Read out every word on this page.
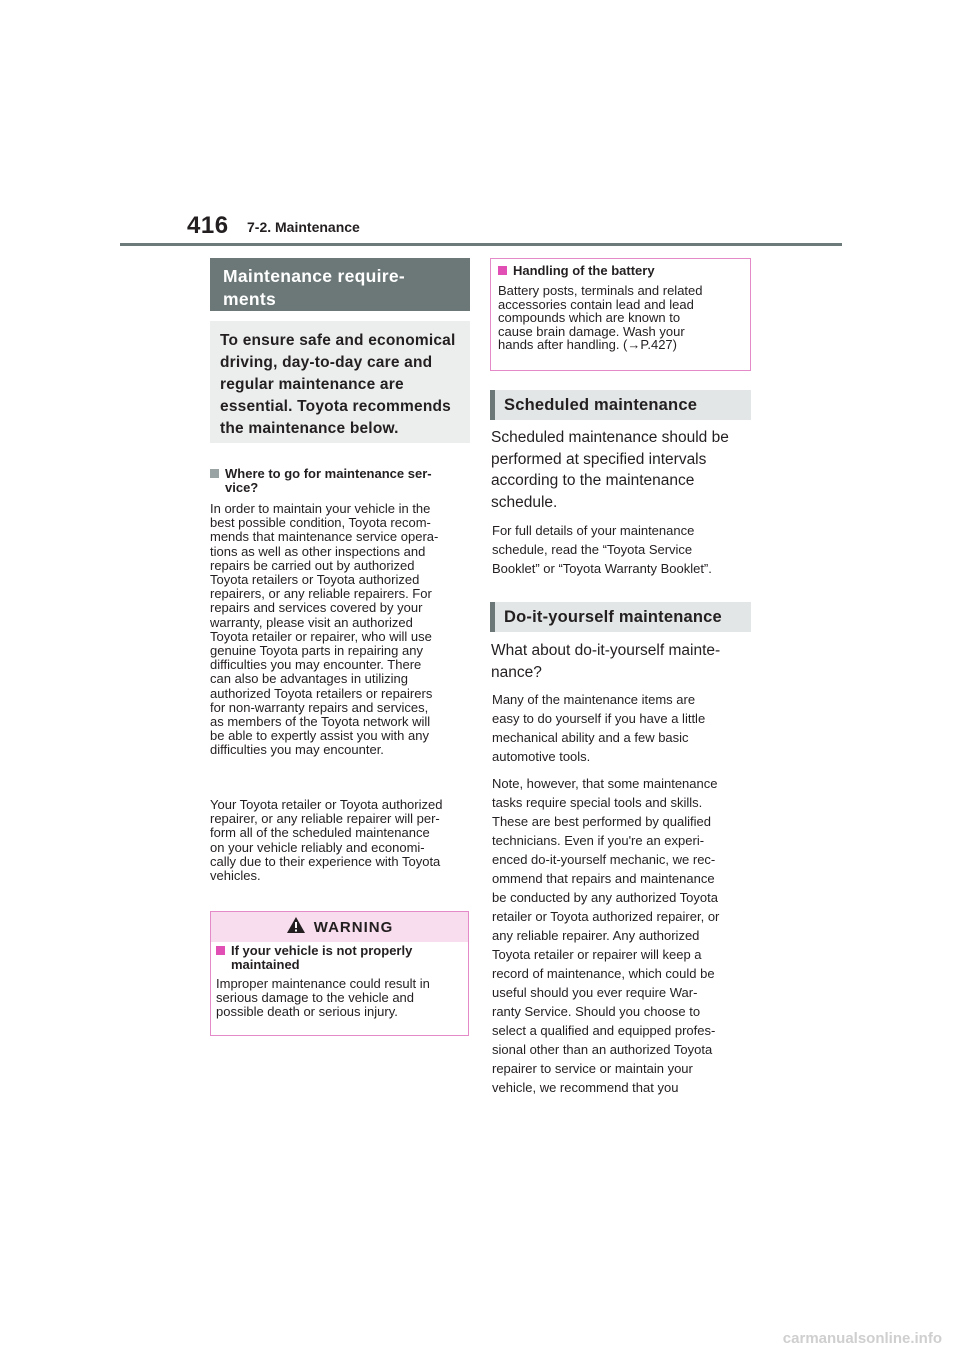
416 7-2. Maintenance
Maintenance require-
ments
To ensure safe and economical
driving, day-to-day care and
regular maintenance are
essential. Toyota recommends
the maintenance below.
Where to go for maintenance ser-
vice?
In order to maintain your vehicle in the
best possible condition, Toyota recom-
mends that maintenance service opera-
tions as well as other inspections and
repairs be carried out by authorized
Toyota retailers or Toyota authorized
repairers, or any reliable repairers. For
repairs and services covered by your
warranty, please visit an authorized
Toyota retailer or repairer, who will use
genuine Toyota parts in repairing any
difficulties you may encounter. There
can also be advantages in utilizing
authorized Toyota retailers or repairers
for non-warranty repairs and services,
as members of the Toyota network will
be able to expertly assist you with any
difficulties you may encounter.
Your Toyota retailer or Toyota authorized
repairer, or any reliable repairer will per-
form all of the scheduled maintenance
on your vehicle reliably and economi-
cally due to their experience with Toyota
vehicles.
WARNING
If your vehicle is not properly
maintained
Improper maintenance could result in
serious damage to the vehicle and
possible death or serious injury.
Handling of the battery
Battery posts, terminals and related
accessories contain lead and lead
compounds which are known to
cause brain damage. Wash your
hands after handling. (→P.427)
Scheduled maintenance
Scheduled maintenance should be
performed at specified intervals
according to the maintenance
schedule.
For full details of your maintenance
schedule, read the “Toyota Service
Booklet” or “Toyota Warranty Booklet”.
Do-it-yourself maintenance
What about do-it-yourself mainte-
nance?
Many of the maintenance items are
easy to do yourself if you have a little
mechanical ability and a few basic
automotive tools.
Note, however, that some maintenance
tasks require special tools and skills.
These are best performed by qualified
technicians. Even if you're an experi-
enced do-it-yourself mechanic, we rec-
ommend that repairs and maintenance
be conducted by any authorized Toyota
retailer or Toyota authorized repairer, or
any reliable repairer. Any authorized
Toyota retailer or repairer will keep a
record of maintenance, which could be
useful should you ever require War-
ranty Service. Should you choose to
select a qualified and equipped profes-
sional other than an authorized Toyota
repairer to service or maintain your
vehicle, we recommend that you
carmanualsonline.info
